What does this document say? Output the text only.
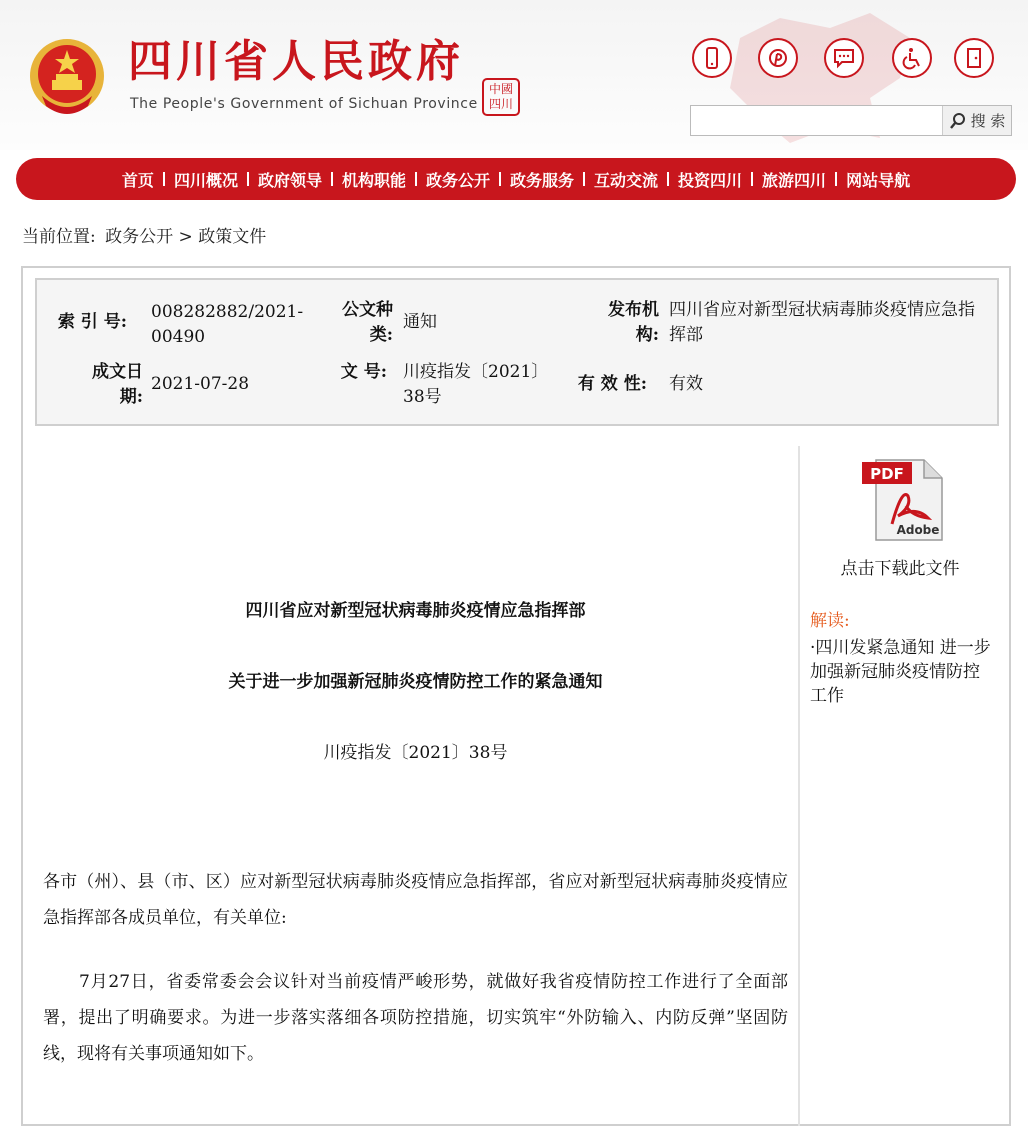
四川省人民政府
The People's Government of Sichuan Province
中國
四川
搜 索
首页	四川概况	政府领导	机构职能	政务公开	政务服务	互动交流	投资四川	旅游四川	网站导航
当前位置: 政务公开 > 政策文件
索 引 号: 008282882/2021-00490
公文种类:
通知
发布机构:
四川省应对新型冠状病毒肺炎疫情应急指挥部
成文日期:
2021-07-28
文 号: 川疫指发〔2021〕38号
有 效 性: 有效
四川省应对新型冠状病毒肺炎疫情应急指挥部
关于进一步加强新冠肺炎疫情防控工作的紧急通知
川疫指发〔2021〕38号

各市（州）、县（市、区）应对新型冠状病毒肺炎疫情应急指挥部，省应对新型冠状病毒肺炎疫情应急指挥部各成员单位，有关单位:

7月27日，省委常委会会议针对当前疫情严峻形势，就做好我省疫情防控工作进行了全面部署，提出了明确要求。为进一步落实落细各项防控措施，切实筑牢“外防输入、内防反弹”坚固防线，现将有关事项通知如下。

PDF
Adobe
点击下载此文件
解读:
·四川发紧急通知 进一步加强新冠肺炎疫情防控工作
